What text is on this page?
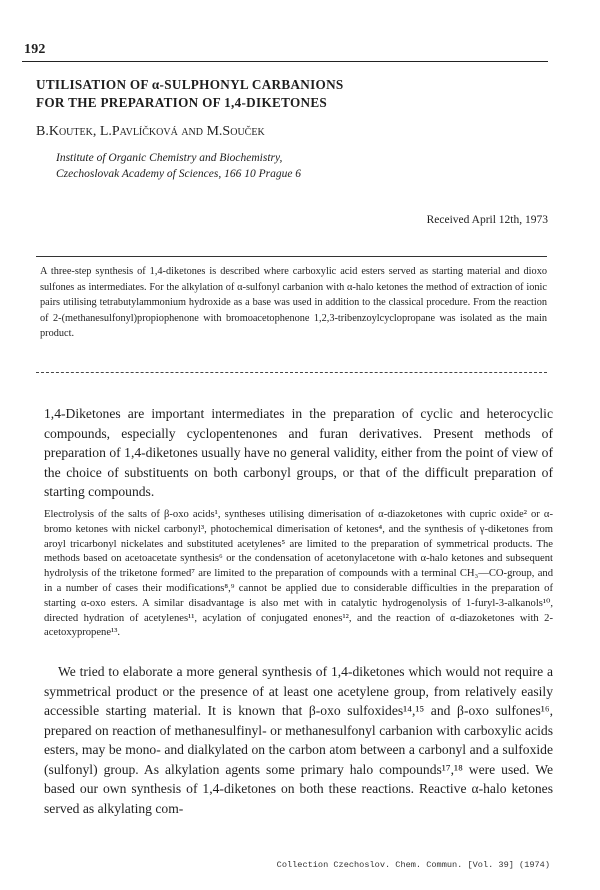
192
UTILISATION OF α-SULPHONYL CARBANIONS
FOR THE PREPARATION OF 1,4-DIKETONES
B.Koutek, L.Pavlíčková and M.Souček
Institute of Organic Chemistry and Biochemistry,
Czechoslovak Academy of Sciences, 166 10 Prague 6
Received April 12th, 1973

A three-step synthesis of 1,4-diketones is described where carboxylic acid esters served as starting material and dioxo sulfones as intermediates. For the alkylation of α-sulfonyl carbanion with α-halo ketones the method of extraction of ionic pairs utilising tetrabutylammonium hydroxide as a base was used in addition to the classical procedure. From the reaction of 2-(methanesulfonyl)propiophenone with bromoacetophenone 1,2,3-tribenzoylcyclopropane was isolated as the main product.

1,4-Diketones are important intermediates in the preparation of cyclic and heterocyclic compounds, especially cyclopentenones and furan derivatives. Present methods of preparation of 1,4-diketones usually have no general validity, either from the point of view of the choice of substituents on both carbonyl groups, or that of the difficult preparation of starting compounds.

Electrolysis of the salts of β-oxo acids¹, syntheses utilising dimerisation of α-diazoketones with cupric oxide² or α-bromo ketones with nickel carbonyl³, photochemical dimerisation of ketones⁴, and the synthesis of γ-diketones from aroyl tricarbonyl nickelates and substituted acetylenes⁵ are limited to the preparation of symmetrical products. The methods based on acetoacetate synthesis⁶ or the condensation of acetonylacetone with α-halo ketones and subsequent hydrolysis of the triketone formed⁷ are limited to the preparation of compounds with a terminal CH₃—CO-group, and in a number of cases their modifications⁸,⁹ cannot be applied due to considerable difficulties in the preparation of starting α-oxo esters. A similar disadvantage is also met with in catalytic hydrogenolysis of 1-furyl-3-alkanols¹⁰, directed hydration of acetylenes¹¹, acylation of conjugated enones¹², and the reaction of α-diazoketones with 2-acetoxypropene¹³.

We tried to elaborate a more general synthesis of 1,4-diketones which would not require a symmetrical product or the presence of at least one acetylene group, from relatively easily accessible starting material. It is known that β-oxo sulfoxides¹⁴,¹⁵ and β-oxo sulfones¹⁶, prepared on reaction of methanesulfinyl- or methanesulfonyl carbanion with carboxylic acids esters, may be mono- and dialkylated on the carbon atom between a carbonyl and a sulfoxide (sulfonyl) group. As alkylation agents some primary halo compounds¹⁷,¹⁸ were used. We based our own synthesis of 1,4-diketones on both these reactions. Reactive α-halo ketones served as alkylating com-

Collection Czechoslov. Chem. Commun. [Vol. 39] (1974)
